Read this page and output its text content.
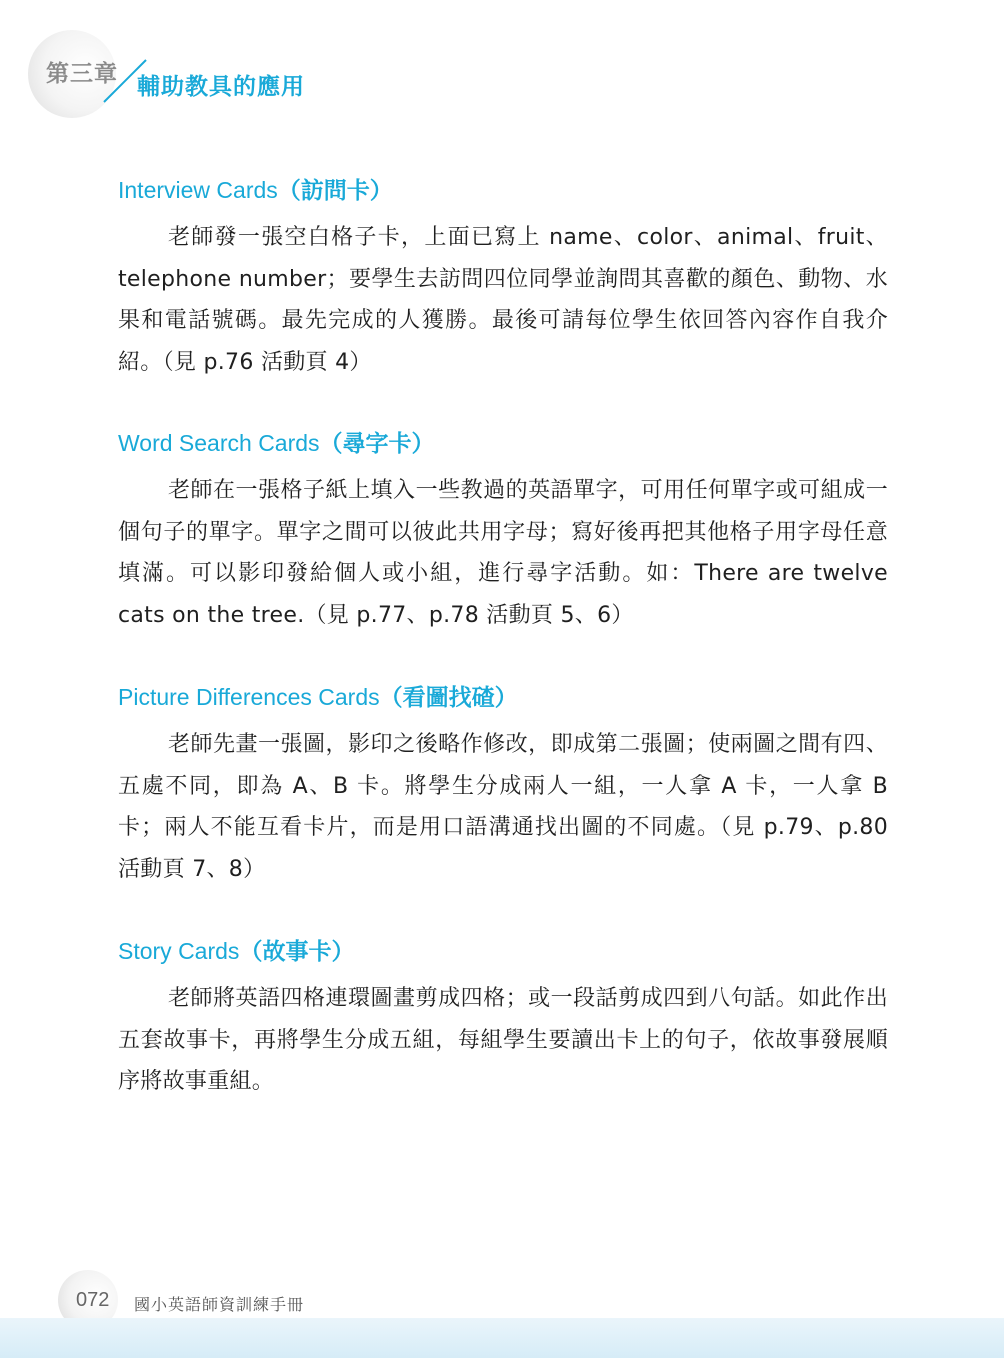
第三章 輔助教具的應用
Interview Cards（訪問卡）
老師發一張空白格子卡，上面已寫上 name、color、animal、fruit、telephone number；要學生去訪問四位同學並詢問其喜歡的顏色、動物、水果和電話號碼。最先完成的人獲勝。最後可請每位學生依回答內容作自我介紹。（見 p.76 活動頁 4）
Word Search Cards（尋字卡）
老師在一張格子紙上填入一些教過的英語單字，可用任何單字或可組成一個句子的單字。單字之間可以彼此共用字母；寫好後再把其他格子用字母任意填滿。可以影印發給個人或小組，進行尋字活動。如：There are twelve cats on the tree.（見 p.77、p.78 活動頁 5、6）
Picture Differences Cards（看圖找碴）
老師先畫一張圖，影印之後略作修改，即成第二張圖；使兩圖之間有四、五處不同，即為 A、B 卡。將學生分成兩人一組，一人拿 A 卡，一人拿 B 卡；兩人不能互看卡片，而是用口語溝通找出圖的不同處。（見 p.79、p.80 活動頁 7、8）
Story Cards（故事卡）
老師將英語四格連環圖畫剪成四格；或一段話剪成四到八句話。如此作出五套故事卡，再將學生分成五組，每組學生要讀出卡上的句子，依故事發展順序將故事重組。
072 國小英語師資訓練手冊
